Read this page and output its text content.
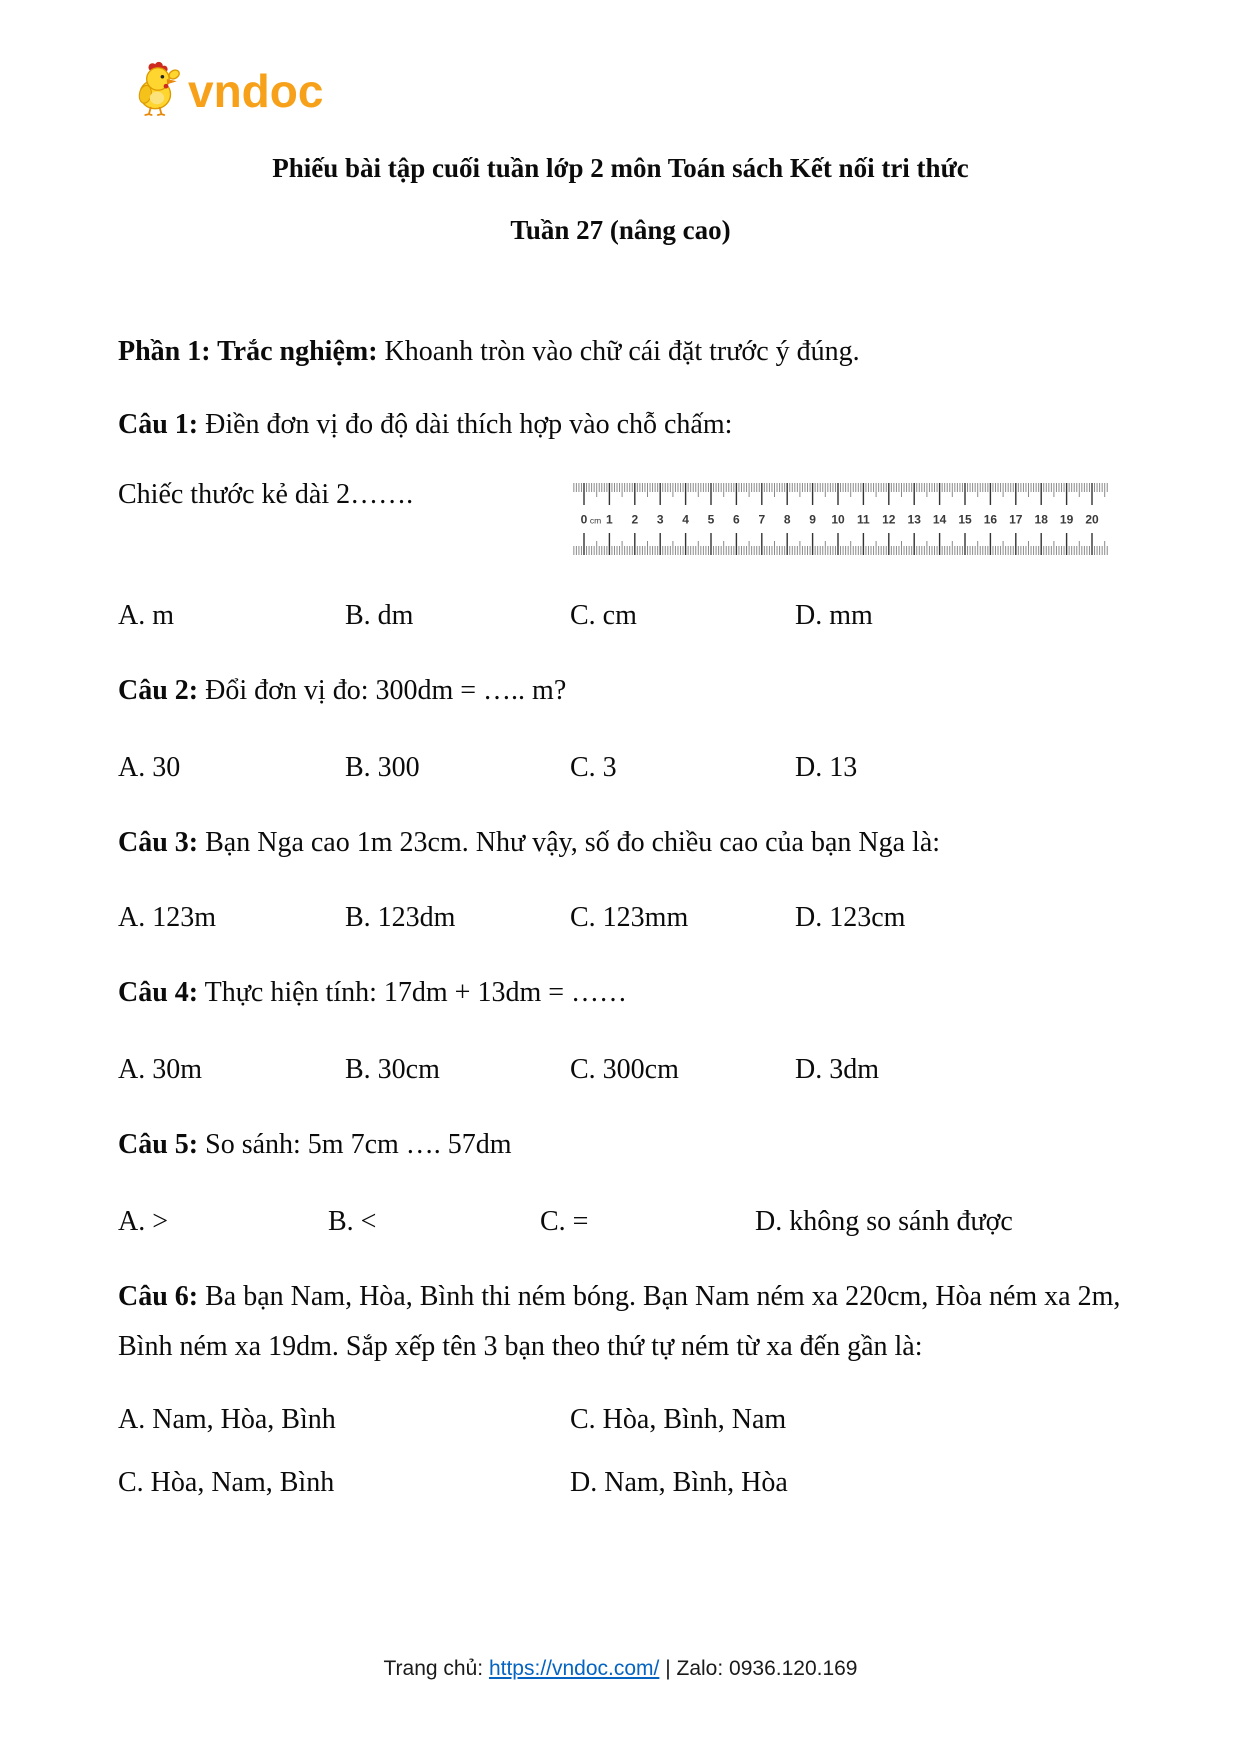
vndoc
Phiếu bài tập cuối tuần lớp 2 môn Toán sách Kết nối tri thức
Tuần 27 (nâng cao)

Phần 1: Trắc nghiệm: Khoanh tròn vào chữ cái đặt trước ý đúng.

Câu 1: Điền đơn vị đo độ dài thích hợp vào chỗ chấm:

Chiếc thước kẻ dài 2…….

0 1 2 3 4 5 6 7 8 9 10 11 12 13 14 15 16 17 18 19 20
cm
A. m	B. dm	C. cm	D. mm

Câu 2: Đổi đơn vị đo: 300dm = ….. m?

A. 30	B. 300	C. 3	D. 13

Câu 3: Bạn Nga cao 1m 23cm. Như vậy, số đo chiều cao của bạn Nga là:

A. 123m	B. 123dm	C. 123mm	D. 123cm

Câu 4: Thực hiện tính: 17dm + 13dm = ……

A. 30m	B. 30cm	C. 300cm	D. 3dm

Câu 5: So sánh: 5m 7cm …. 57dm

A. >	B. <	C. =	D. không so sánh được

Câu 6: Ba bạn Nam, Hòa, Bình thi ném bóng. Bạn Nam ném xa 220cm, Hòa ném xa 2m, Bình ném xa 19dm. Sắp xếp tên 3 bạn theo thứ tự ném từ xa đến gần là:

A. Nam, Hòa, Bình	C. Hòa, Bình, Nam
C. Hòa, Nam, Bình	D. Nam, Bình, Hòa
Trang chủ: https://vndoc.com/ | Zalo: 0936.120.169
